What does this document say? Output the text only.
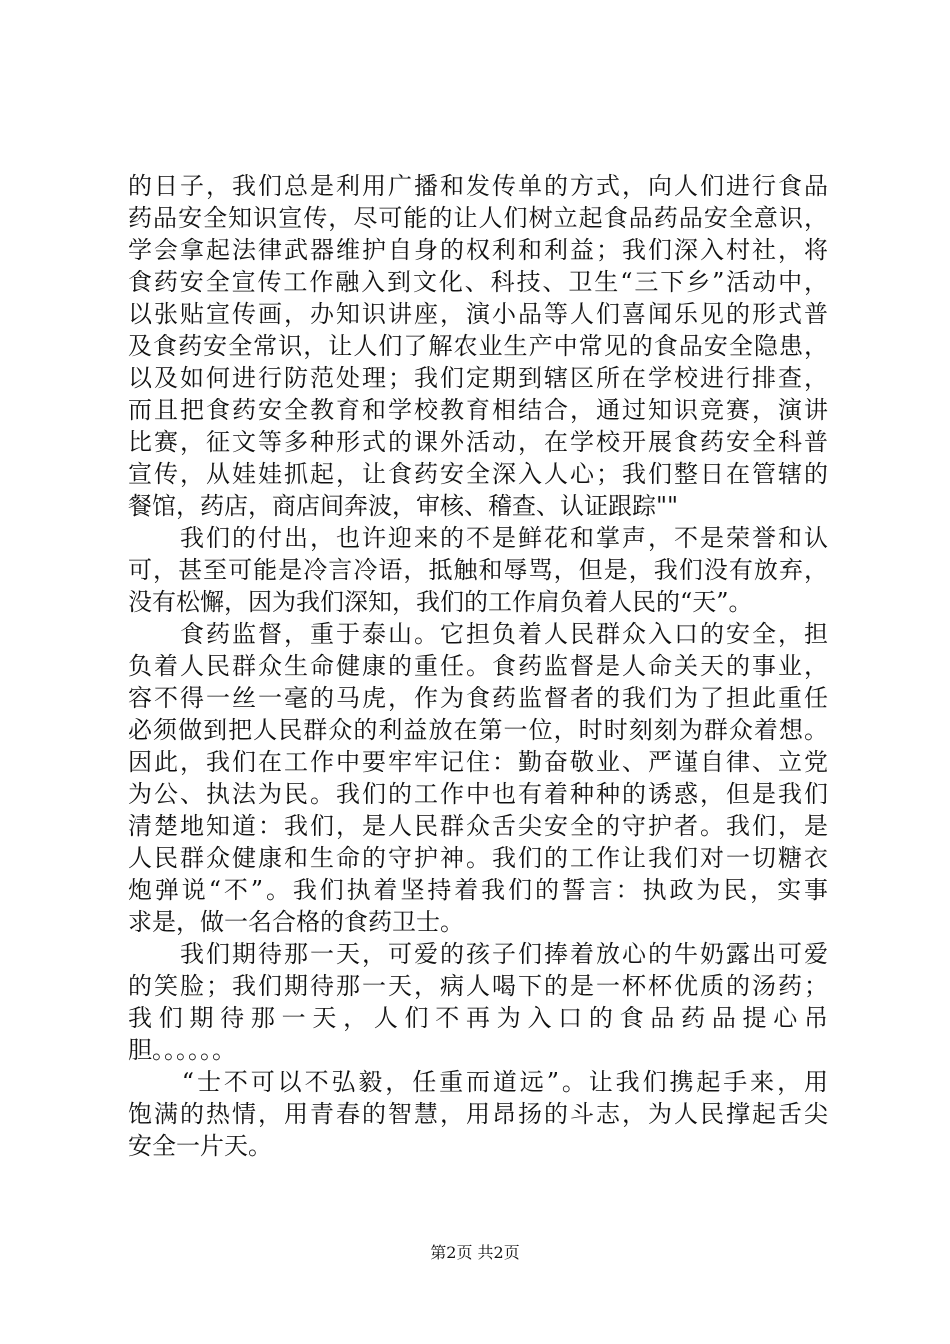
的日子，我们总是利用广播和发传单的方式，向人们进行食品
药品安全知识宣传，尽可能的让人们树立起食品药品安全意识，
学会拿起法律武器维护自身的权利和利益；我们深入村社，将
食药安全宣传工作融入到文化、科技、卫生“三下乡”活动中，
以张贴宣传画，办知识讲座，演小品等人们喜闻乐见的形式普
及食药安全常识，让人们了解农业生产中常见的食品安全隐患，
以及如何进行防范处理；我们定期到辖区所在学校进行排查，
而且把食药安全教育和学校教育相结合，通过知识竞赛，演讲
比赛，征文等多种形式的课外活动，在学校开展食药安全科普
宣传，从娃娃抓起，让食药安全深入人心；我们整日在管辖的
餐馆，药店，商店间奔波，审核、稽查、认证跟踪""
　　我们的付出，也许迎来的不是鲜花和掌声，不是荣誉和认
可，甚至可能是冷言冷语，抵触和辱骂，但是，我们没有放弃，
没有松懈，因为我们深知，我们的工作肩负着人民的“天”。
　　食药监督，重于泰山。它担负着人民群众入口的安全，担
负着人民群众生命健康的重任。食药监督是人命关天的事业，
容不得一丝一毫的马虎，作为食药监督者的我们为了担此重任
必须做到把人民群众的利益放在第一位，时时刻刻为群众着想。
因此，我们在工作中要牢牢记住：勤奋敬业、严谨自律、立党
为公、执法为民。我们的工作中也有着种种的诱惑，但是我们
清楚地知道：我们，是人民群众舌尖安全的守护者。我们，是
人民群众健康和生命的守护神。我们的工作让我们对一切糖衣
炮弹说“不”。我们执着坚持着我们的誓言：执政为民，实事
求是，做一名合格的食药卫士。
　　我们期待那一天，可爱的孩子们捧着放心的牛奶露出可爱
的笑脸；我们期待那一天，病人喝下的是一杯杯优质的汤药；
我们期待那一天，人们不再为入口的食品药品提心吊
胆。。。。。。
　　“士不可以不弘毅，任重而道远”。让我们携起手来，用
饱满的热情，用青春的智慧，用昂扬的斗志，为人民撑起舌尖
安全一片天。
第2页 共2页
